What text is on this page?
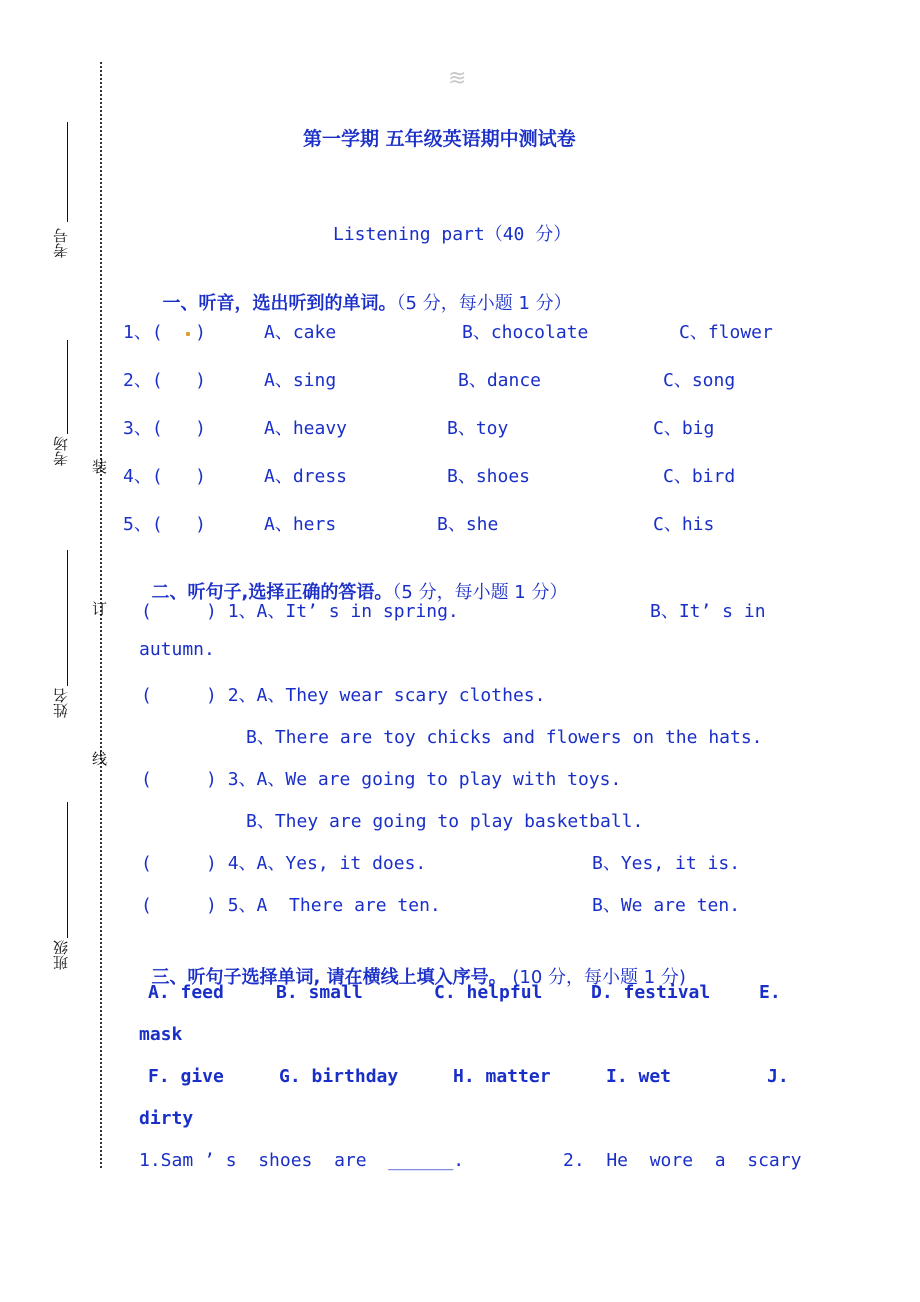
考号
考场
姓名
班级
装
订
线
≋
第一学期 五年级英语期中测试卷
Listening part（40 分）

一、听音，选出听到的单词。（5 分，每小题 1 分）

1、(   )	A、cake	B、chocolate	C、flower
2、(   )	A、sing	B、dance	C、song
3、(   )	A、heavy	B、toy	C、big
4、(   )	A、dress	B、shoes	C、bird
5、(   )	A、hers	B、she	C、his

二、听句子,选择正确的答语。（5 分，每小题 1 分）

(     ) 1、A、It’ s in spring.	B、It’ s in
autumn.
(     ) 2、A、They wear scary clothes.
B、There are toy chicks and flowers on the hats.
(     ) 3、A、We are going to play with toys.
B、They are going to play basketball.
(     ) 4、A、Yes, it does.	B、Yes, it is.
(     ) 5、A  There are ten.	B、We are ten.

三、听句子选择单词, 请在横线上填入序号。 (10 分，每小题 1 分)

A. feed	B. small	C. helpful	D. festival	E.
mask
F. give	G. birthday	H. matter	I. wet	J.
dirty
1.Sam ’ s  shoes  are  ______.	2.  He  wore  a  scary
